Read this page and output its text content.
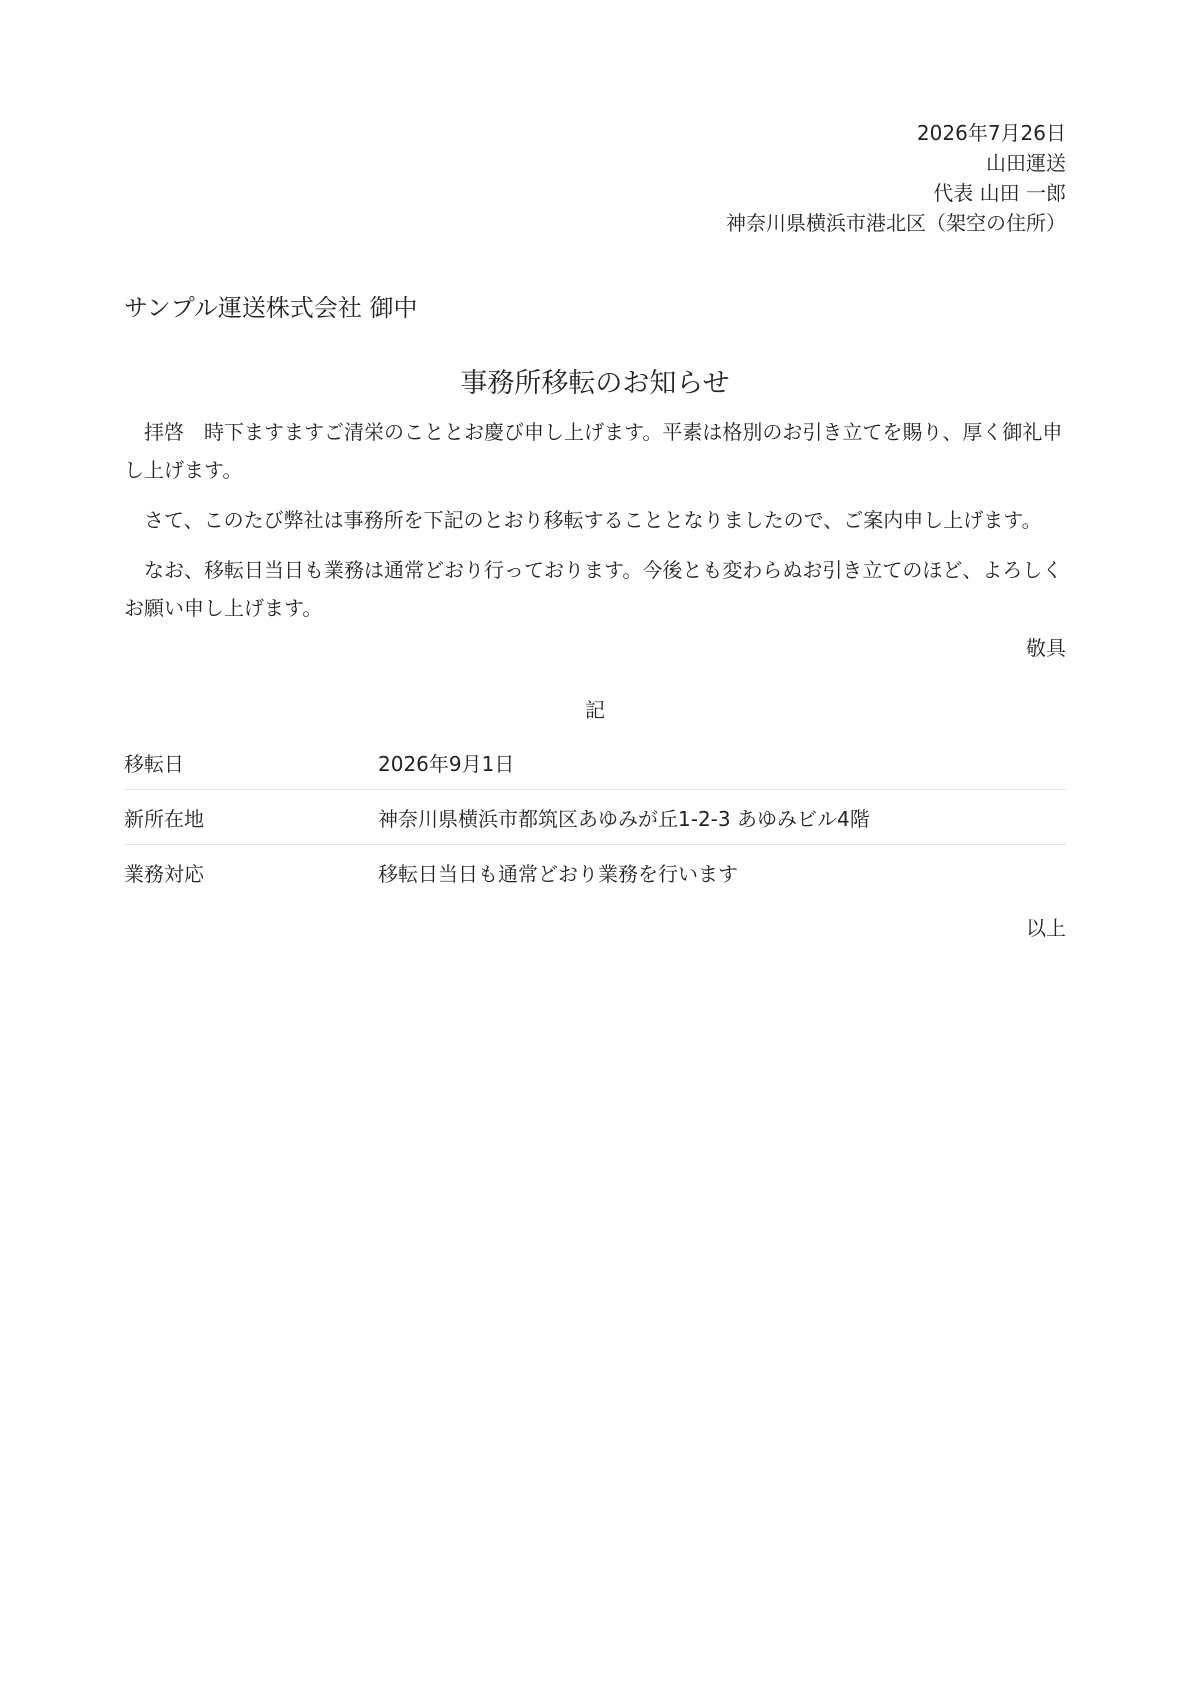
2026年7月26日
山田運送
代表 山田 一郎
神奈川県横浜市港北区（架空の住所）
サンプル運送株式会社 御中
事務所移転のお知らせ

拝啓　時下ますますご清栄のこととお慶び申し上げます。平素は格別のお引き立てを賜り、厚く御礼申し上げます。

さて、このたび弊社は事務所を下記のとおり移転することとなりましたので、ご案内申し上げます。

なお、移転日当日も業務は通常どおり行っております。今後とも変わらぬお引き立てのほど、よろしくお願い申し上げます。

敬具
記
移転日	2026年9月1日
新所在地	神奈川県横浜市都筑区あゆみが丘1-2-3 あゆみビル4階
業務対応	移転日当日も通常どおり業務を行います
以上
